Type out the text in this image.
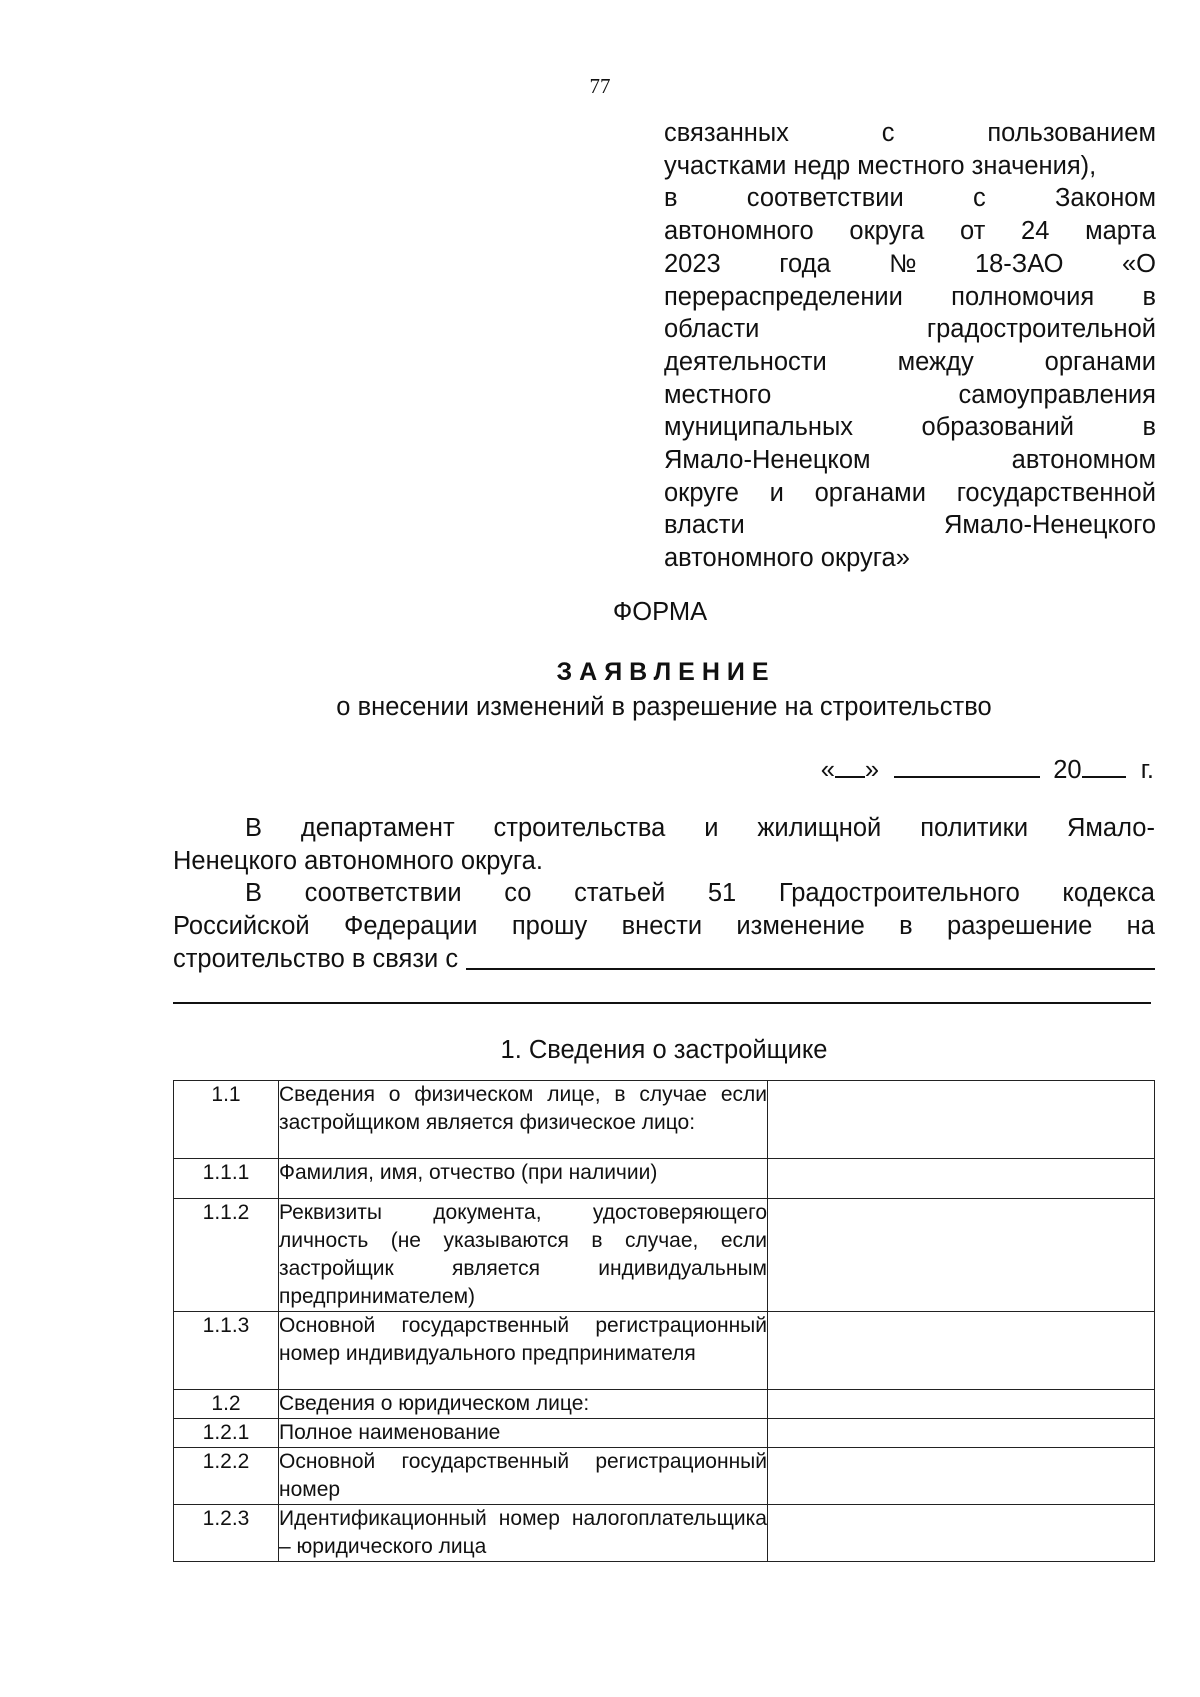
77
связанных	с	пользованием
участками недр местного значения),
в	соответствии	с	Законом
автономного округа от 24 марта
2023 года № 18-ЗАО «О
перераспределении полномочия в
области	градостроительной
деятельности	между	органами
местного	самоуправления
муниципальных	образований	в
Ямало-Ненецком	автономном
округе и органами государственной
власти	Ямало-Ненецкого
автономного округа»
ФОРМА
ЗАЯВЛЕНИЕ
о внесении изменений в разрешение на строительство
« »	20 г.
В департамент строительства и жилищной политики Ямало-
Ненецкого автономного округа.
В соответствии со статьей 51 Градостроительного кодекса
Российской Федерации прошу внести изменение в разрешение на
строительство в связи с
1. Сведения о застройщике
1.1	Сведения о физическом лице, в случае если застройщиком является физическое лицо:	
1.1.1	Фамилия, имя, отчество (при наличии)	
1.1.2	Реквизиты документа, удостоверяющего личность (не указываются в случае, если застройщик является индивидуальным предпринимателем)	
1.1.3	Основной государственный регистрационный номер индивидуального предпринимателя	
1.2	Сведения о юридическом лице:	
1.2.1	Полное наименование	
1.2.2	Основной государственный регистрационный номер	
1.2.3	Идентификационный номер налогоплательщика – юридического лица	
